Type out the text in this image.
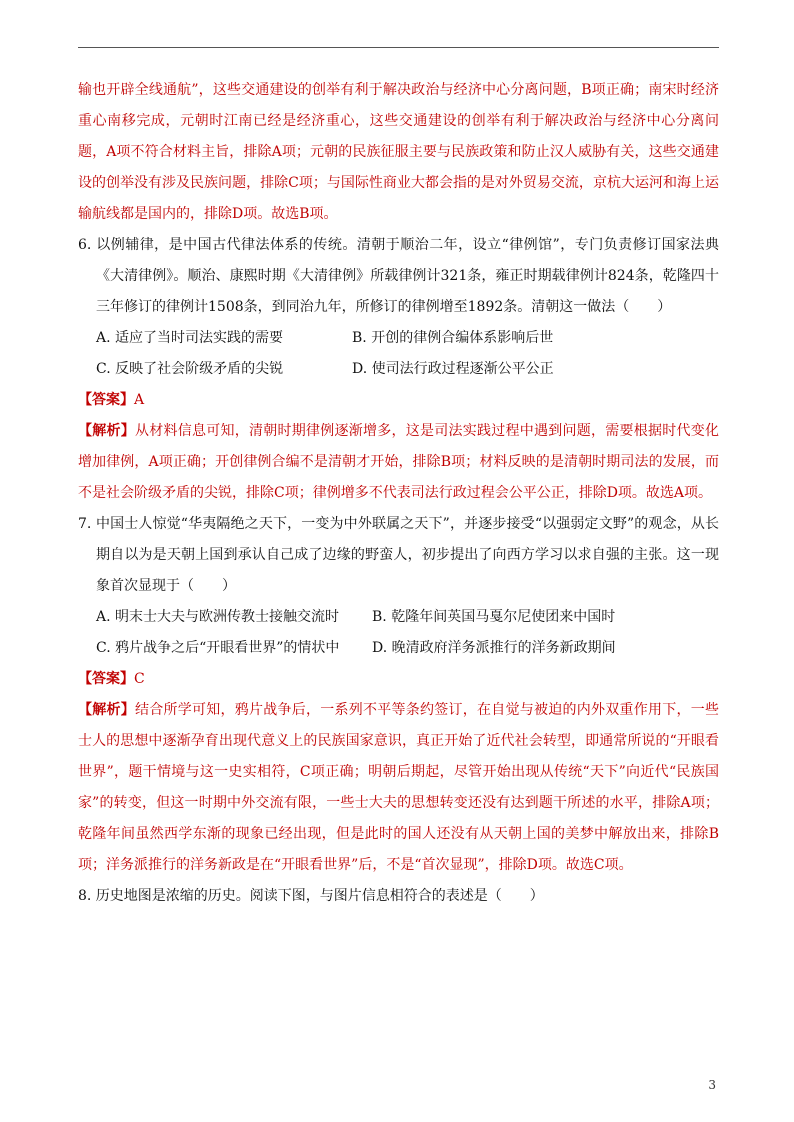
输也开辟全线通航”，这些交通建设的创举有利于解决政治与经济中心分离问题，B项正确；南宋时经济重心南移完成，元朝时江南已经是经济重心，这些交通建设的创举有利于解决政治与经济中心分离问题，A项不符合材料主旨，排除A项；元朝的民族征服主要与民族政策和防止汉人威胁有关，这些交通建设的创举没有涉及民族问题，排除C项；与国际性商业大都会指的是对外贸易交流，京杭大运河和海上运输航线都是国内的，排除D项。故选B项。

6. 以例辅律，是中国古代律法体系的传统。清朝于顺治二年，设立“律例馆”，专门负责修订国家法典《大清律例》。顺治、康熙时期《大清律例》所载律例计321条，雍正时期载律例计824条，乾隆四十三年修订的律例计1508条，到同治九年，所修订的律例增至1892条。清朝这一做法（　　）

A. 适应了当时司法实践的需要	B. 开创的律例合编体系影响后世
C. 反映了社会阶级矛盾的尖锐	D. 使司法行政过程逐渐公平公正

【答案】A

【解析】从材料信息可知，清朝时期律例逐渐增多，这是司法实践过程中遇到问题，需要根据时代变化增加律例，A项正确；开创律例合编不是清朝才开始，排除B项；材料反映的是清朝时期司法的发展，而不是社会阶级矛盾的尖锐，排除C项；律例增多不代表司法行政过程会公平公正，排除D项。故选A项。

7. 中国士人惊觉“华夷隔绝之天下，一变为中外联属之天下”，并逐步接受“以强弱定文野”的观念，从长期自以为是天朝上国到承认自己成了边缘的野蛮人，初步提出了向西方学习以求自强的主张。这一现象首次显现于（　　）

A. 明末士大夫与欧洲传教士接触交流时	B. 乾隆年间英国马戛尔尼使团来中国时
C. 鸦片战争之后“开眼看世界”的情状中	D. 晚清政府洋务派推行的洋务新政期间

【答案】C

【解析】结合所学可知，鸦片战争后，一系列不平等条约签订，在自觉与被迫的内外双重作用下，一些士人的思想中逐渐孕育出现代意义上的民族国家意识，真正开始了近代社会转型，即通常所说的“开眼看世界”，题干情境与这一史实相符，C项正确；明朝后期起，尽管开始出现从传统“天下”向近代“民族国家”的转变，但这一时期中外交流有限，一些士大夫的思想转变还没有达到题干所述的水平，排除A项；乾隆年间虽然西学东渐的现象已经出现，但是此时的国人还没有从天朝上国的美梦中解放出来，排除B项；洋务派推行的洋务新政是在“开眼看世界”后，不是“首次显现”，排除D项。故选C项。

8. 历史地图是浓缩的历史。阅读下图，与图片信息相符合的表述是（　　）

3
